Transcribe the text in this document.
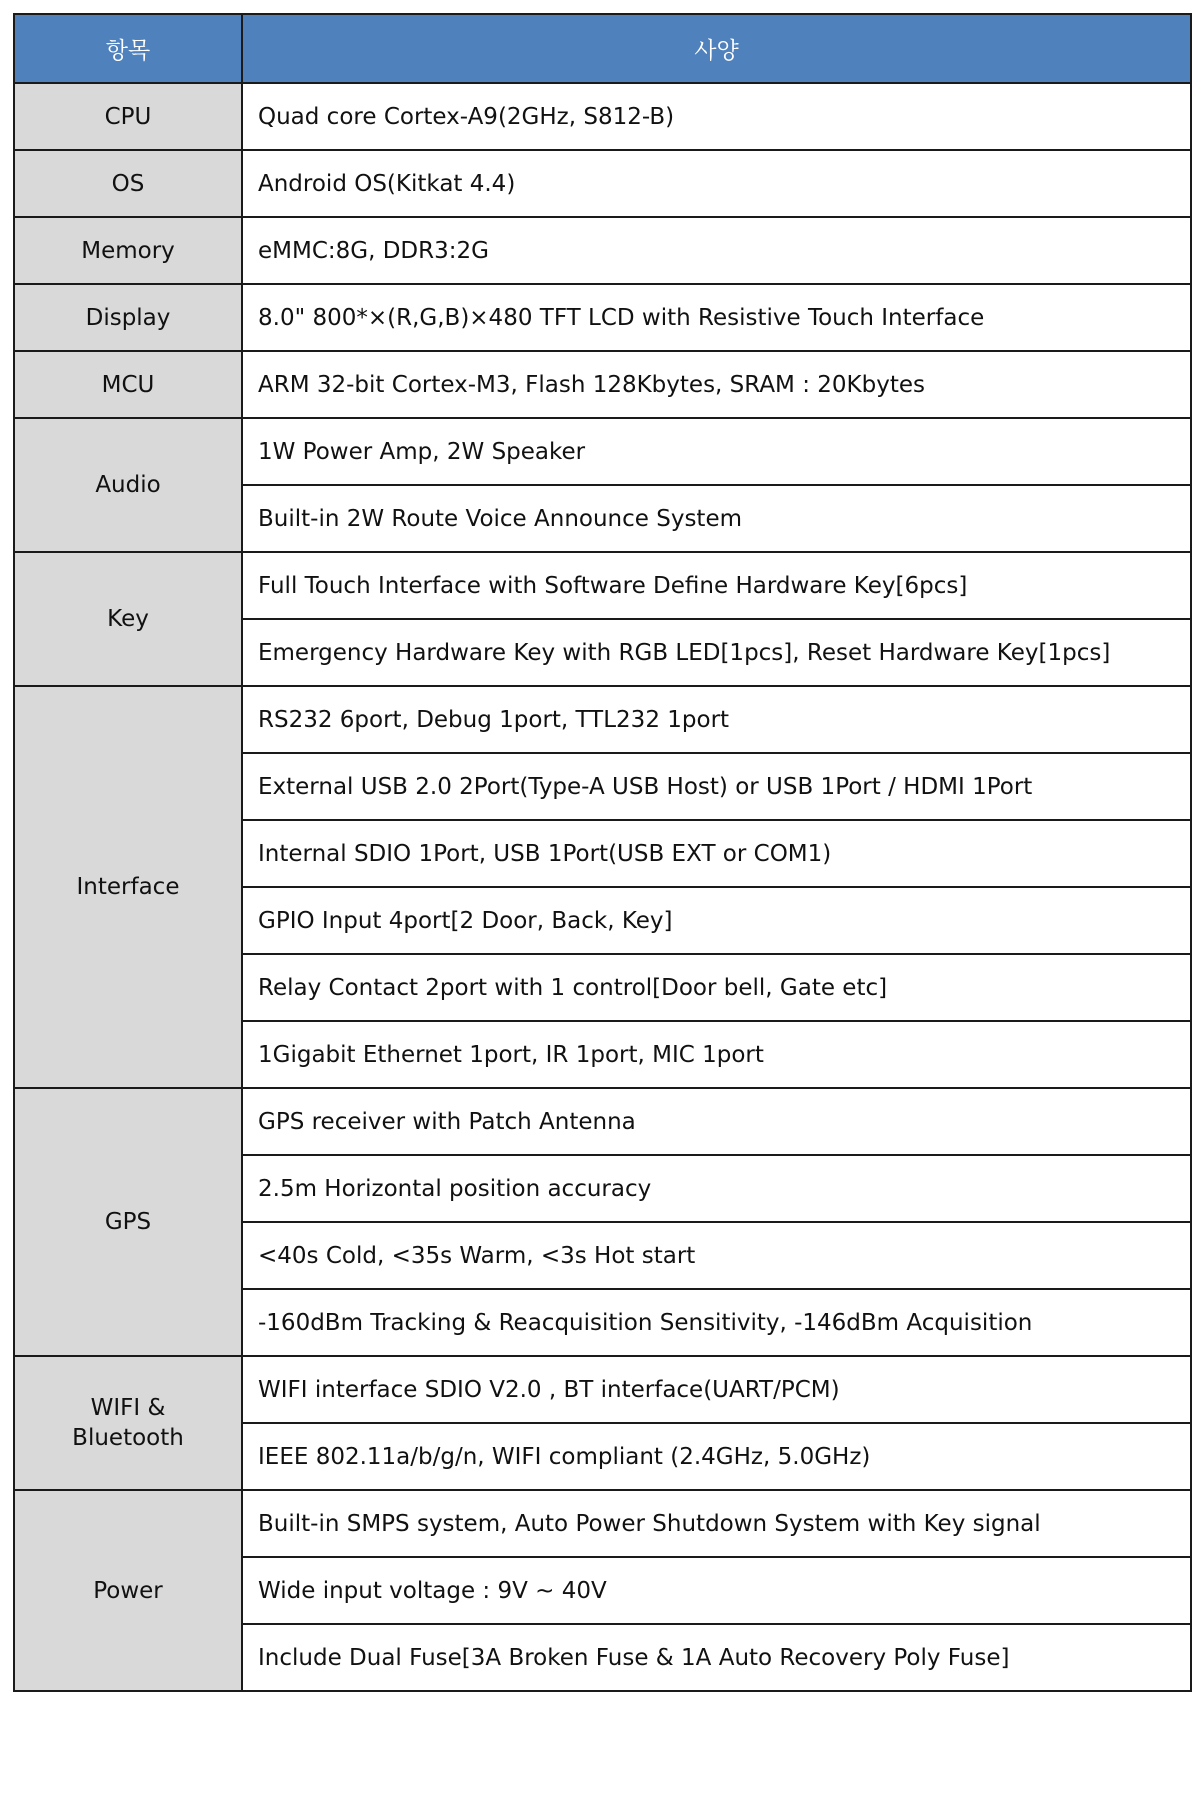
항목	사양
CPU	Quad core Cortex-A9(2GHz, S812-B)
OS	Android OS(Kitkat 4.4)
Memory	eMMC:8G, DDR3:2G
Display	8.0" 800*×(R,G,B)×480 TFT LCD with Resistive Touch Interface
MCU	ARM 32-bit Cortex-M3, Flash 128Kbytes, SRAM : 20Kbytes
Audio	1W Power Amp, 2W Speaker
	Built-in 2W Route Voice Announce System
Key	Full Touch Interface with Software Define Hardware Key[6pcs]
	Emergency Hardware Key with RGB LED[1pcs], Reset Hardware Key[1pcs]
Interface	RS232 6port, Debug 1port, TTL232 1port
	External USB 2.0 2Port(Type-A USB Host) or USB 1Port / HDMI 1Port
	Internal SDIO 1Port, USB 1Port(USB EXT or COM1)
	GPIO Input 4port[2 Door, Back, Key]
	Relay Contact 2port with 1 control[Door bell, Gate etc]
	1Gigabit Ethernet 1port, IR 1port, MIC 1port
GPS	GPS receiver with Patch Antenna
	2.5m Horizontal position accuracy
	<40s Cold, <35s Warm, <3s Hot start
	-160dBm Tracking & Reacquisition Sensitivity, -146dBm Acquisition
WIFI &
Bluetooth	WIFI interface SDIO V2.0 , BT interface(UART/PCM)
	IEEE 802.11a/b/g/n, WIFI compliant (2.4GHz, 5.0GHz)
Power	Built-in SMPS system, Auto Power Shutdown System with Key signal
	Wide input voltage : 9V ~ 40V
	Include Dual Fuse[3A Broken Fuse & 1A Auto Recovery Poly Fuse]
